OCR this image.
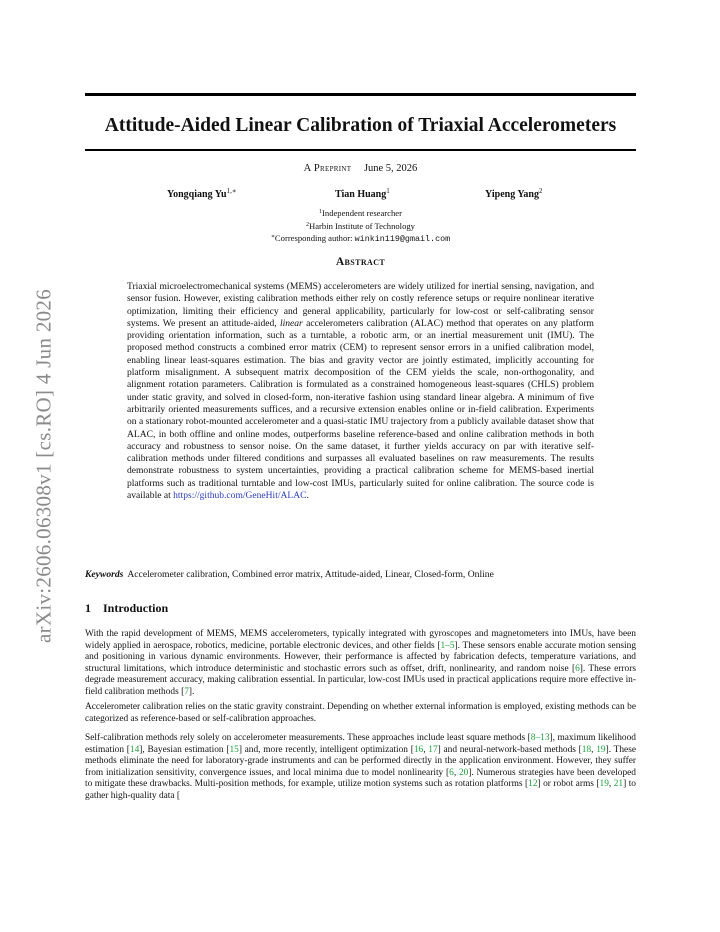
arXiv:2606.06308v1 [cs.RO] 4 Jun 2026
Attitude-Aided Linear Calibration of Triaxial Accelerometers
A Preprint June 5, 2026
Yongqiang $Yu^{1,∗}$	Tian Huang$^1$	Yipeng Yang$^2$
$^1$Independent researcher
$^2$Harbin Institute of Technology
∗Corresponding author: winkin119@gmail.com
Abstract
Triaxial microelectromechanical systems (MEMS) accelerometers are widely utilized for inertial sensing, navigation, and sensor fusion. However, existing calibration methods either rely on costly reference setups or require nonlinear iterative optimization, limiting their efficiency and general applicability, particularly for low-cost or self-calibrating sensor systems. We present an attitude-aided, linear accelerometers calibration (ALAC) method that operates on any platform providing orientation information, such as a turntable, a robotic arm, or an inertial measurement unit (IMU). The proposed method constructs a combined error matrix (CEM) to represent sensor errors in a unified calibration model, enabling linear least-squares estimation. The bias and gravity vector are jointly estimated, implicitly accounting for platform misalignment. A subsequent matrix decomposition of the CEM yields the scale, non-orthogonality, and alignment rotation parameters. Calibration is formulated as a constrained homogeneous least-squares (CHLS) problem under static gravity, and solved in closed-form, non-iterative fashion using standard linear algebra. A minimum of five arbitrarily oriented measurements suffices, and a recursive extension enables online or in-field calibration. Experiments on a stationary robot-mounted accelerometer and a quasi-static IMU trajectory from a publicly available dataset show that ALAC, in both offline and online modes, outperforms baseline reference-based and online calibration methods in both accuracy and robustness to sensor noise. On the same dataset, it further yields accuracy on par with iterative self-calibration methods under filtered conditions and surpasses all evaluated baselines on raw measurements. The results demonstrate robustness to system uncertainties, providing a practical calibration scheme for MEMS-based inertial platforms such as traditional turntable and low-cost IMUs, particularly suited for online calibration. The source code is available at https://github.com/GeneHit/ALAC.
Keywords Accelerometer calibration, Combined error matrix, Attitude-aided, Linear, Closed-form, Online
1 Introduction
With the rapid development of MEMS, MEMS accelerometers, typically integrated with gyroscopes and magnetometers into IMUs, have been widely applied in aerospace, robotics, medicine, portable electronic devices, and other fields [1–5]. These sensors enable accurate motion sensing and positioning in various dynamic environments. However, their performance is affected by fabrication defects, temperature variations, and structural limitations, which introduce deterministic and stochastic errors such as offset, drift, nonlinearity, and random noise [6]. These errors degrade measurement accuracy, making calibration essential. In particular, low-cost IMUs used in practical applications require more effective in-field calibration methods [7].
Accelerometer calibration relies on the static gravity constraint. Depending on whether external information is employed, existing methods can be categorized as reference-based or self-calibration approaches.
Self-calibration methods rely solely on accelerometer measurements. These approaches include least square methods [8–13], maximum likelihood estimation [14], Bayesian estimation [15] and, more recently, intelligent optimization [16, 17] and neural-network-based methods [18, 19]. These methods eliminate the need for laboratory-grade instruments and can be performed directly in the application environment. However, they suffer from initialization sensitivity, convergence issues, and local minima due to model nonlinearity [6, 20]. Numerous strategies have been developed to mitigate these drawbacks. Multi-position methods, for example, utilize motion systems such as rotation platforms [12] or robot arms [19, 21] to gather high-quality data [
